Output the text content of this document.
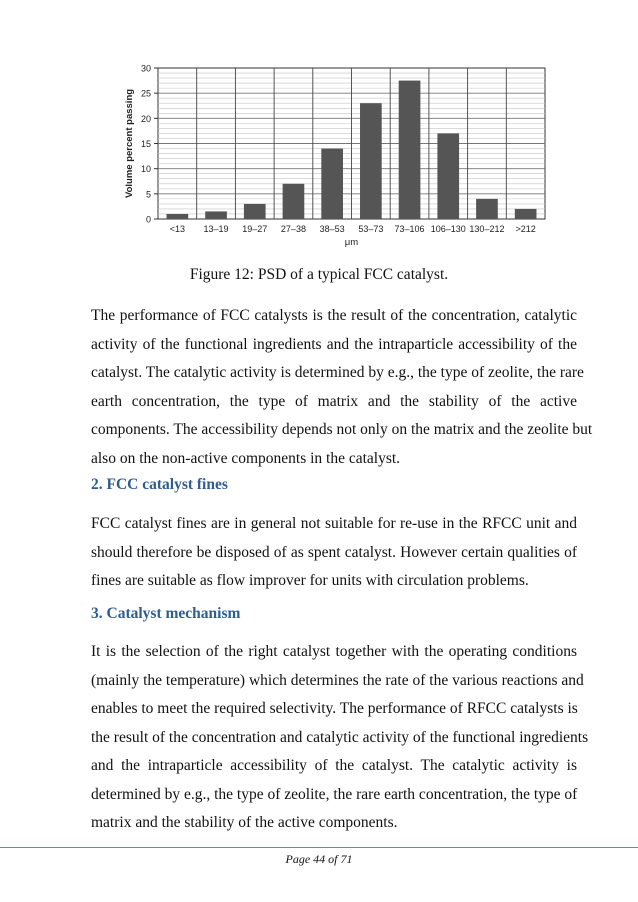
0
5
10
15
20
25
30
<13 13–19 19–27 27–38 38–53 53–73 73–106 106–130 130–212 >212
Volume percent passing
μm
Figure 12: PSD of a typical FCC catalyst.

The performance of FCC catalysts is the result of the concentration, catalytic
activity of the functional ingredients and the intraparticle accessibility of the
catalyst. The catalytic activity is determined by e.g., the type of zeolite, the rare
earth concentration, the type of matrix and the stability of the active
components. The accessibility depends not only on the matrix and the zeolite but
also on the non-active components in the catalyst.

2. FCC catalyst fines

FCC catalyst fines are in general not suitable for re-use in the RFCC unit and
should therefore be disposed of as spent catalyst. However certain qualities of
fines are suitable as flow improver for units with circulation problems.

3. Catalyst mechanism

It is the selection of the right catalyst together with the operating conditions
(mainly the temperature) which determines the rate of the various reactions and
enables to meet the required selectivity. The performance of RFCC catalysts is
the result of the concentration and catalytic activity of the functional ingredients
and the intraparticle accessibility of the catalyst. The catalytic activity is
determined by e.g., the type of zeolite, the rare earth concentration, the type of
matrix and the stability of the active components.

Page 44 of 71
